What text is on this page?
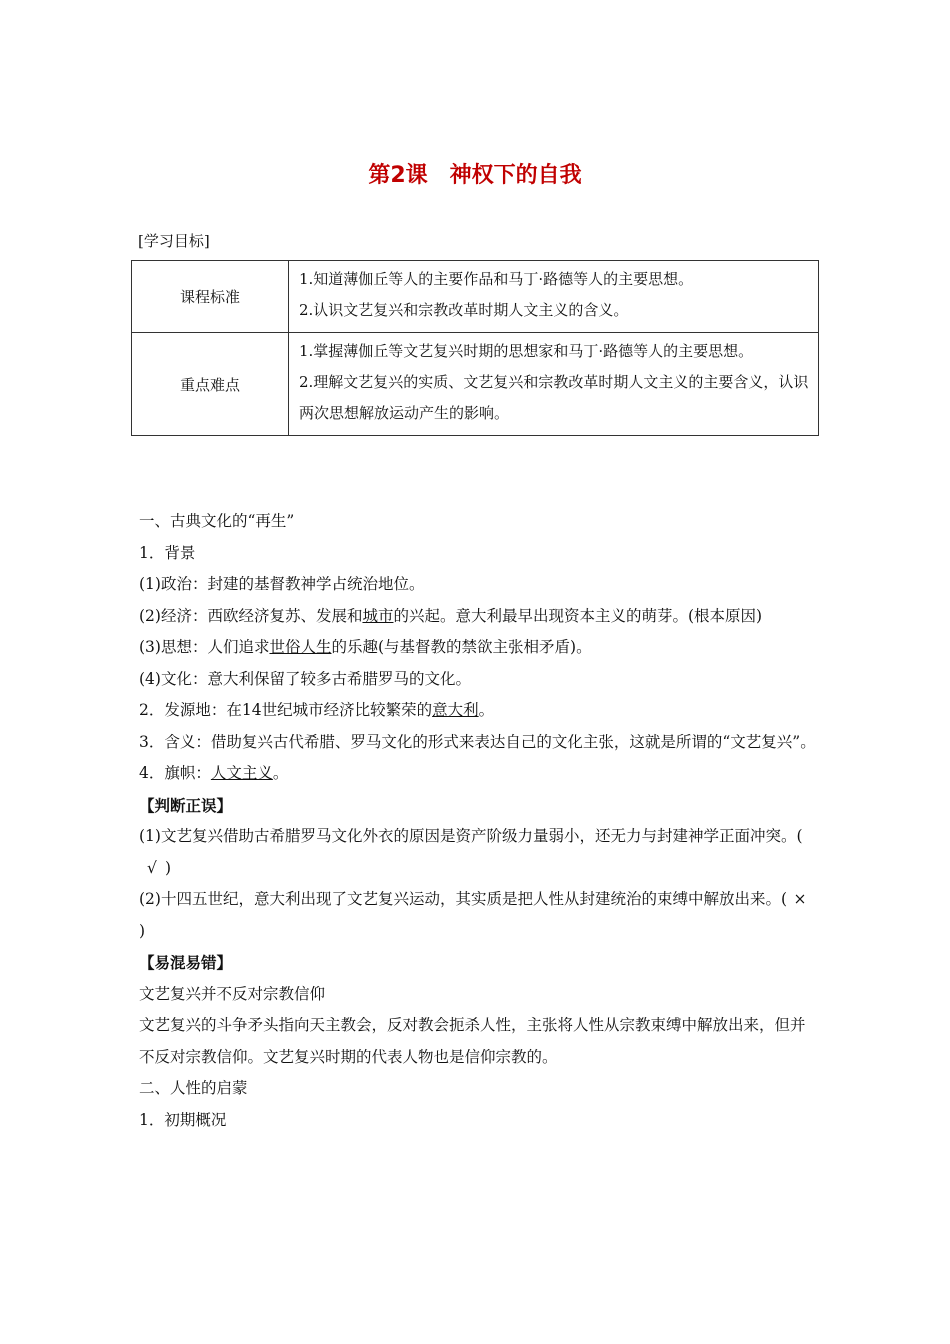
第2课　神权下的自我
[学习目标]
课程标准	1.知道薄伽丘等人的主要作品和马丁·路德等人的主要思想。
2.认识文艺复兴和宗教改革时期人文主义的含义。

重点难点	1.掌握薄伽丘等文艺复兴时期的思想家和马丁·路德等人的主要思想。
2.理解文艺复兴的实质、文艺复兴和宗教改革时期人文主义的主要含义，认识两次思想解放运动产生的影响。

一、古典文化的“再生”

1．背景

(1)政治：封建的基督教神学占统治地位。

(2)经济：西欧经济复苏、发展和城市的兴起。意大利最早出现资本主义的萌芽。(根本原因)

(3)思想：人们追求世俗人生的乐趣(与基督教的禁欲主张相矛盾)。

(4)文化：意大利保留了较多古希腊罗马的文化。

2．发源地：在14世纪城市经济比较繁荣的意大利。

3．含义：借助复兴古代希腊、罗马文化的形式来表达自己的文化主张，这就是所谓的“文艺复兴”。

4．旗帜：人文主义。

【判断正误】

(1)文艺复兴借助古希腊罗马文化外衣的原因是资产阶级力量弱小，还无力与封建神学正面冲突。(√ )

(2)十四五世纪，意大利出现了文艺复兴运动，其实质是把人性从封建统治的束缚中解放出来。( ×)

【易混易错】

文艺复兴并不反对宗教信仰

文艺复兴的斗争矛头指向天主教会，反对教会扼杀人性，主张将人性从宗教束缚中解放出来，但并不反对宗教信仰。文艺复兴时期的代表人物也是信仰宗教的。

二、人性的启蒙

1．初期概况
